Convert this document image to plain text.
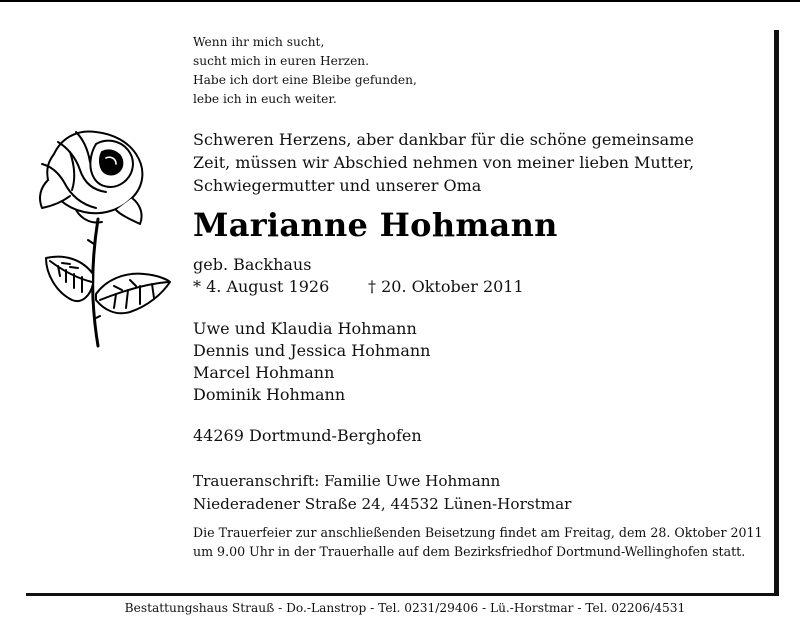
Wenn ihr mich sucht,
sucht mich in euren Herzen.
Habe ich dort eine Bleibe gefunden,
lebe ich in euch weiter.
Schweren Herzens, aber dankbar für die schöne gemeinsame
Zeit, müssen wir Abschied nehmen von meiner lieben Mutter,
Schwiegermutter und unserer Oma
Marianne Hohmann
geb. Backhaus
* 4. August 1926 † 20. Oktober 2011
Uwe und Klaudia Hohmann
Dennis und Jessica Hohmann
Marcel Hohmann
Dominik Hohmann
44269 Dortmund-Berghofen
Traueranschrift: Familie Uwe Hohmann
Niederadener Straße 24, 44532 Lünen-Horstmar
Die Trauerfeier zur anschließenden Beisetzung findet am Freitag, dem 28. Oktober 2011
um 9.00 Uhr in der Trauerhalle auf dem Bezirksfriedhof Dortmund-Wellinghofen statt.
Bestattungshaus Strauß - Do.-Lanstrop - Tel. 0231/29406 - Lü.-Horstmar - Tel. 02206/4531
